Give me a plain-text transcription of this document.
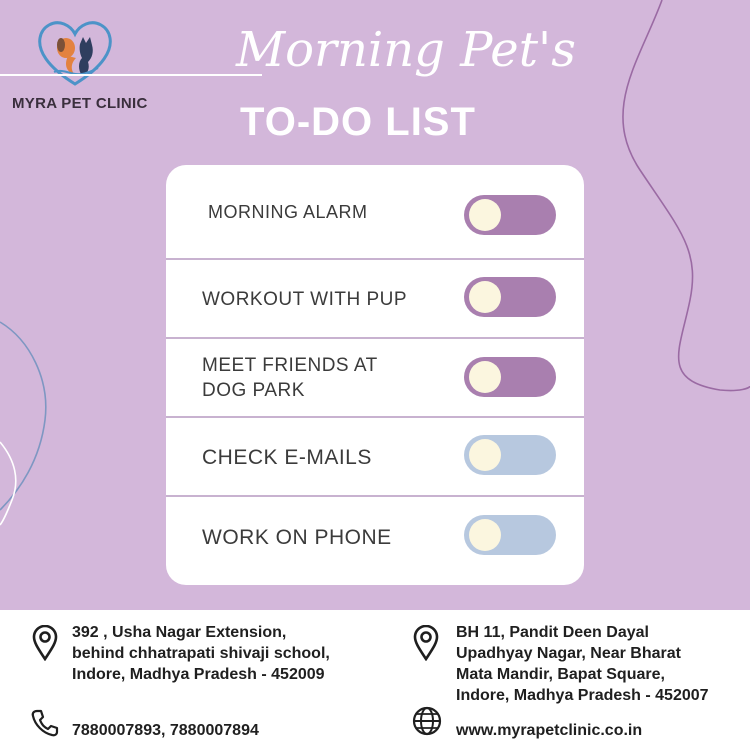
MYRA PET CLINIC
Morning Pet's
TO-DO LIST
MORNING ALARM
WORKOUT WITH PUP
MEET FRIENDS AT DOG PARK
CHECK E-MAILS
WORK ON PHONE
392 , Usha Nagar Extension,
behind chhatrapati shivaji school,
Indore, Madhya Pradesh - 452009
7880007893, 7880007894
BH 11, Pandit Deen Dayal
Upadhyay Nagar, Near Bharat
Mata Mandir, Bapat Square,
Indore, Madhya Pradesh - 452007
www.myrapetclinic.co.in
